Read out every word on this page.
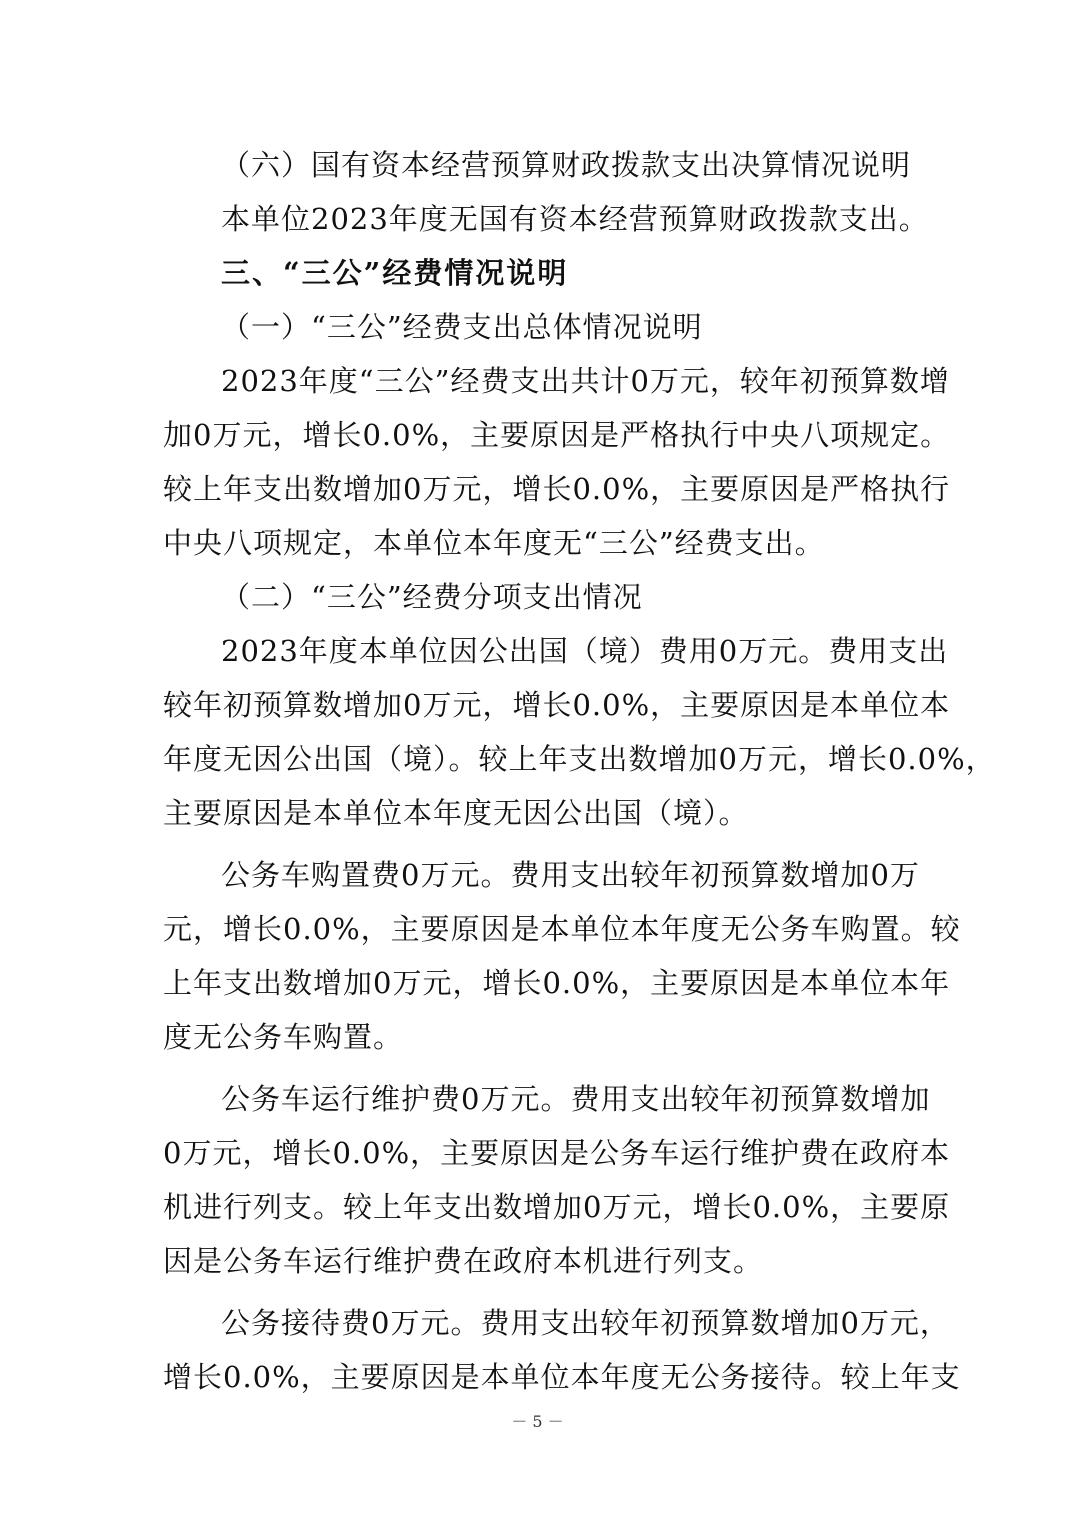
（六）国有资本经营预算财政拨款支出决算情况说明
本单位2023年度无国有资本经营预算财政拨款支出。
三、“三公”经费情况说明
（一）“三公”经费支出总体情况说明
2023年度“三公”经费支出共计0万元，较年初预算数增
加0万元，增长0.0%，主要原因是严格执行中央八项规定。
较上年支出数增加0万元，增长0.0%，主要原因是严格执行
中央八项规定，本单位本年度无“三公”经费支出。
（二）“三公”经费分项支出情况
2023年度本单位因公出国（境）费用0万元。费用支出
较年初预算数增加0万元，增长0.0%，主要原因是本单位本
年度无因公出国（境）。较上年支出数增加0万元，增长0.0%，
主要原因是本单位本年度无因公出国（境）。
公务车购置费0万元。费用支出较年初预算数增加0万
元，增长0.0%，主要原因是本单位本年度无公务车购置。较
上年支出数增加0万元，增长0.0%，主要原因是本单位本年
度无公务车购置。
公务车运行维护费0万元。费用支出较年初预算数增加
0万元，增长0.0%，主要原因是公务车运行维护费在政府本
机进行列支。较上年支出数增加0万元，增长0.0%，主要原
因是公务车运行维护费在政府本机进行列支。
公务接待费0万元。费用支出较年初预算数增加0万元，
增长0.0%，主要原因是本单位本年度无公务接待。较上年支
－ 5 －
